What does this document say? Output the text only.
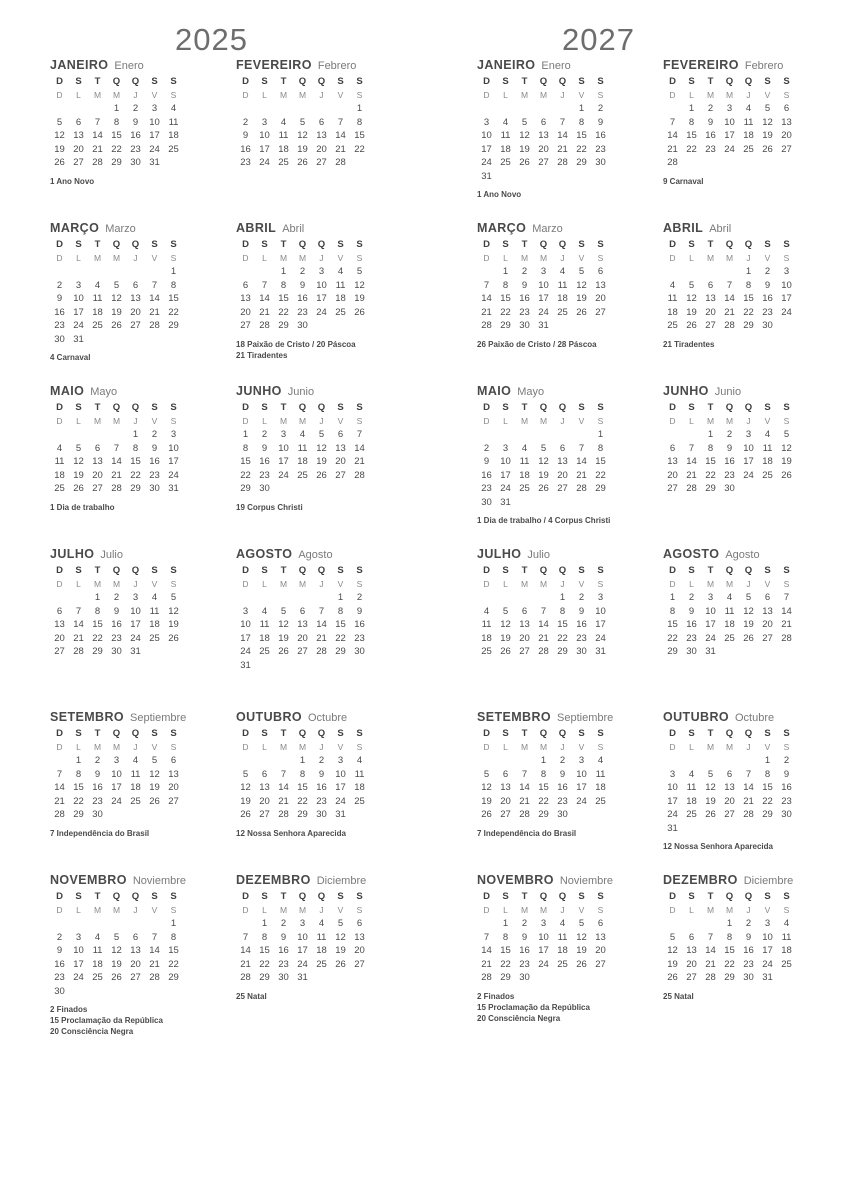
2025	2027
JANEIRO Enero
D	S	T	Q	Q	S	S
D	L	M	M	J	V	S
			1	2	3	4
5	6	7	8	9	10	11
12	13	14	15	16	17	18
19	20	21	22	23	24	25
26	27	28	29	30	31	
1 Ano Novo
FEVEREIRO Febrero
D	S	T	Q	Q	S	S
D	L	M	M	J	V	S
						1
2	3	4	5	6	7	8
9	10	11	12	13	14	15
16	17	18	19	20	21	22
23	24	25	26	27	28	
MARÇO Marzo
D	S	T	Q	Q	S	S
D	L	M	M	J	V	S
						1
2	3	4	5	6	7	8
9	10	11	12	13	14	15
16	17	18	19	20	21	22
23	24	25	26	27	28	29
30	31					
4 Carnaval
ABRIL Abril
D	S	T	Q	Q	S	S
D	L	M	M	J	V	S
		1	2	3	4	5
6	7	8	9	10	11	12
13	14	15	16	17	18	19
20	21	22	23	24	25	26
27	28	29	30			
18 Paixão de Cristo / 20 Páscoa
21 Tiradentes
MAIO Mayo
D	S	T	Q	Q	S	S
D	L	M	M	J	V	S
				1	2	3
4	5	6	7	8	9	10
11	12	13	14	15	16	17
18	19	20	21	22	23	24
25	26	27	28	29	30	31
1 Dia de trabalho
JUNHO Junio
D	S	T	Q	Q	S	S
D	L	M	M	J	V	S
1	2	3	4	5	6	7
8	9	10	11	12	13	14
15	16	17	18	19	20	21
22	23	24	25	26	27	28
29	30					
19 Corpus Christi
JULHO Julio
D	S	T	Q	Q	S	S
D	L	M	M	J	V	S
		1	2	3	4	5
6	7	8	9	10	11	12
13	14	15	16	17	18	19
20	21	22	23	24	25	26
27	28	29	30	31		
AGOSTO Agosto
D	S	T	Q	Q	S	S
D	L	M	M	J	V	S
					1	2
3	4	5	6	7	8	9
10	11	12	13	14	15	16
17	18	19	20	21	22	23
24	25	26	27	28	29	30
31						
SETEMBRO Septiembre
D	S	T	Q	Q	S	S
D	L	M	M	J	V	S
	1	2	3	4	5	6
7	8	9	10	11	12	13
14	15	16	17	18	19	20
21	22	23	24	25	26	27
28	29	30				
7 Independência do Brasil
OUTUBRO Octubre
D	S	T	Q	Q	S	S
D	L	M	M	J	V	S
			1	2	3	4
5	6	7	8	9	10	11
12	13	14	15	16	17	18
19	20	21	22	23	24	25
26	27	28	29	30	31	
12 Nossa Senhora Aparecida
NOVEMBRO Noviembre
D	S	T	Q	Q	S	S
D	L	M	M	J	V	S
						1
2	3	4	5	6	7	8
9	10	11	12	13	14	15
16	17	18	19	20	21	22
23	24	25	26	27	28	29
30						
2 Finados
15 Proclamação da República
20 Consciência Negra
DEZEMBRO Diciembre
D	S	T	Q	Q	S	S
D	L	M	M	J	V	S
	1	2	3	4	5	6
7	8	9	10	11	12	13
14	15	16	17	18	19	20
21	22	23	24	25	26	27
28	29	30	31			
25 Natal
JANEIRO Enero
D	S	T	Q	Q	S	S
D	L	M	M	J	V	S
					1	2
3	4	5	6	7	8	9
10	11	12	13	14	15	16
17	18	19	20	21	22	23
24	25	26	27	28	29	30
31						
1 Ano Novo
FEVEREIRO Febrero
D	S	T	Q	Q	S	S
D	L	M	M	J	V	S
	1	2	3	4	5	6
7	8	9	10	11	12	13
14	15	16	17	18	19	20
21	22	23	24	25	26	27
28						
9 Carnaval
MARÇO Marzo
D	S	T	Q	Q	S	S
D	L	M	M	J	V	S
	1	2	3	4	5	6
7	8	9	10	11	12	13
14	15	16	17	18	19	20
21	22	23	24	25	26	27
28	29	30	31			
26 Paixão de Cristo / 28 Páscoa
ABRIL Abril
D	S	T	Q	Q	S	S
D	L	M	M	J	V	S
				1	2	3
4	5	6	7	8	9	10
11	12	13	14	15	16	17
18	19	20	21	22	23	24
25	26	27	28	29	30	
21 Tiradentes
MAIO Mayo
D	S	T	Q	Q	S	S
D	L	M	M	J	V	S
						1
2	3	4	5	6	7	8
9	10	11	12	13	14	15
16	17	18	19	20	21	22
23	24	25	26	27	28	29
30	31					
1 Dia de trabalho / 4 Corpus Christi
JUNHO Junio
D	S	T	Q	Q	S	S
D	L	M	M	J	V	S
		1	2	3	4	5
6	7	8	9	10	11	12
13	14	15	16	17	18	19
20	21	22	23	24	25	26
27	28	29	30			
JULHO Julio
D	S	T	Q	Q	S	S
D	L	M	M	J	V	S
				1	2	3
4	5	6	7	8	9	10
11	12	13	14	15	16	17
18	19	20	21	22	23	24
25	26	27	28	29	30	31
AGOSTO Agosto
D	S	T	Q	Q	S	S
D	L	M	M	J	V	S
1	2	3	4	5	6	7
8	9	10	11	12	13	14
15	16	17	18	19	20	21
22	23	24	25	26	27	28
29	30	31				
SETEMBRO Septiembre
D	S	T	Q	Q	S	S
D	L	M	M	J	V	S
			1	2	3	4
5	6	7	8	9	10	11
12	13	14	15	16	17	18
19	20	21	22	23	24	25
26	27	28	29	30		
7 Independência do Brasil
OUTUBRO Octubre
D	S	T	Q	Q	S	S
D	L	M	M	J	V	S
					1	2
3	4	5	6	7	8	9
10	11	12	13	14	15	16
17	18	19	20	21	22	23
24	25	26	27	28	29	30
31						
12 Nossa Senhora Aparecida
NOVEMBRO Noviembre
D	S	T	Q	Q	S	S
D	L	M	M	J	V	S
	1	2	3	4	5	6
7	8	9	10	11	12	13
14	15	16	17	18	19	20
21	22	23	24	25	26	27
28	29	30				
2 Finados
15 Proclamação da República
20 Consciência Negra
DEZEMBRO Diciembre
D	S	T	Q	Q	S	S
D	L	M	M	J	V	S
			1	2	3	4
5	6	7	8	9	10	11
12	13	14	15	16	17	18
19	20	21	22	23	24	25
26	27	28	29	30	31	
25 Natal
